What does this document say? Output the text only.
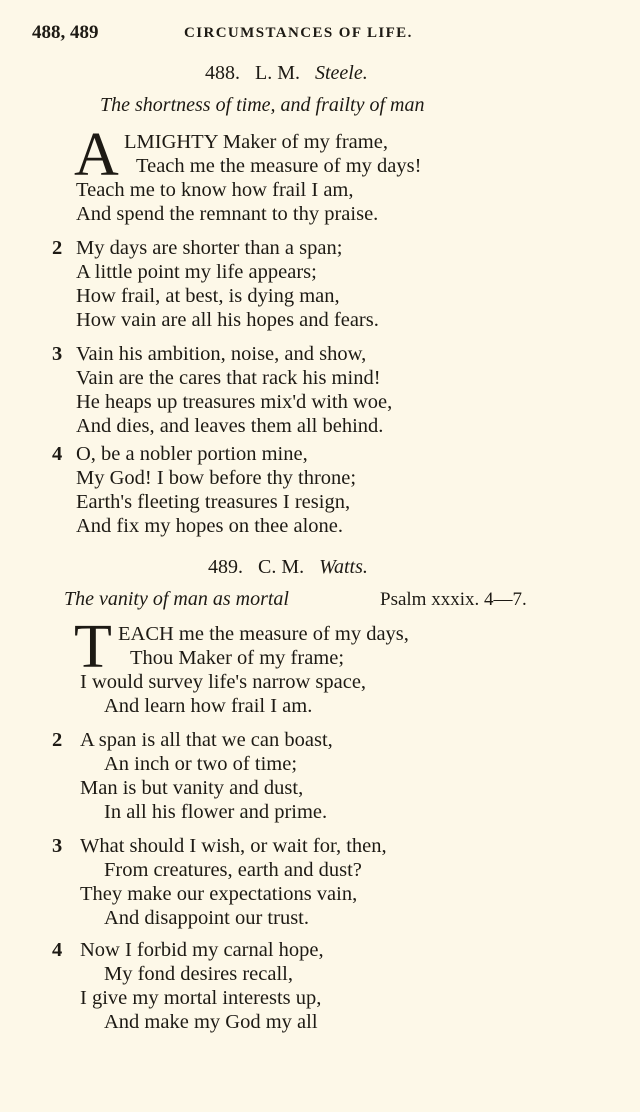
488, 489	CIRCUMSTANCES OF LIFE.
488. L. M. Steele.
The shortness of time, and frailty of man
A LMIGHTY Maker of my frame,
Teach me the measure of my days!
Teach me to know how frail I am,
And spend the remnant to thy praise.
2 My days are shorter than a span;
A little point my life appears;
How frail, at best, is dying man,
How vain are all his hopes and fears.
3 Vain his ambition, noise, and show,
Vain are the cares that rack his mind!
He heaps up treasures mix'd with woe,
And dies, and leaves them all behind.
4 O, be a nobler portion mine,
My God! I bow before thy throne;
Earth's fleeting treasures I resign,
And fix my hopes on thee alone.
489. C. M. Watts.
The vanity of man as mortal	Psalm xxxix. 4—7.
T EACH me the measure of my days,
Thou Maker of my frame;
I would survey life's narrow space,
And learn how frail I am.
2 A span is all that we can boast,
An inch or two of time;
Man is but vanity and dust,
In all his flower and prime.
3 What should I wish, or wait for, then,
From creatures, earth and dust?
They make our expectations vain,
And disappoint our trust.
4 Now I forbid my carnal hope,
My fond desires recall,
I give my mortal interests up,
And make my God my all
